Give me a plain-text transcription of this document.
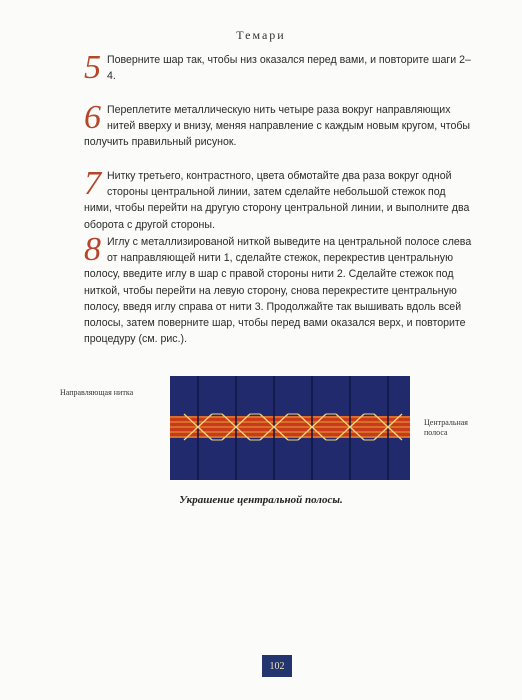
Темари
5 Поверните шар так, чтобы низ оказался перед вами, и повторите шаги 2–4.
6 Переплетите металлическую нить четыре раза вокруг направляющих нитей вверху и внизу, меняя направление с каждым новым кругом, чтобы получить правильный рисунок.
7 Нитку третьего, контрастного, цвета обмотайте два раза вокруг одной стороны центральной линии, затем сделайте небольшой стежок под ними, чтобы перейти на другую сторону центральной линии, и выполните два оборота с другой стороны.
8 Иглу с металлизированой ниткой выведите на центральной полосе слева от направляющей нити 1, сделайте стежок, перекрестив центральную полосу, введите иглу в шар с правой стороны нити 2. Сделайте стежок под ниткой, чтобы перейти на левую сторону, снова перекрестите центральную полосу, введя иглу справа от нити 3. Продолжайте так вышивать вдоль всей полосы, затем поверните шар, чтобы перед вами оказался верх, и повторите процедуру (см. рис.).
Направляющая нитка
Центральная полоса
Украшение центральной полосы.
102
